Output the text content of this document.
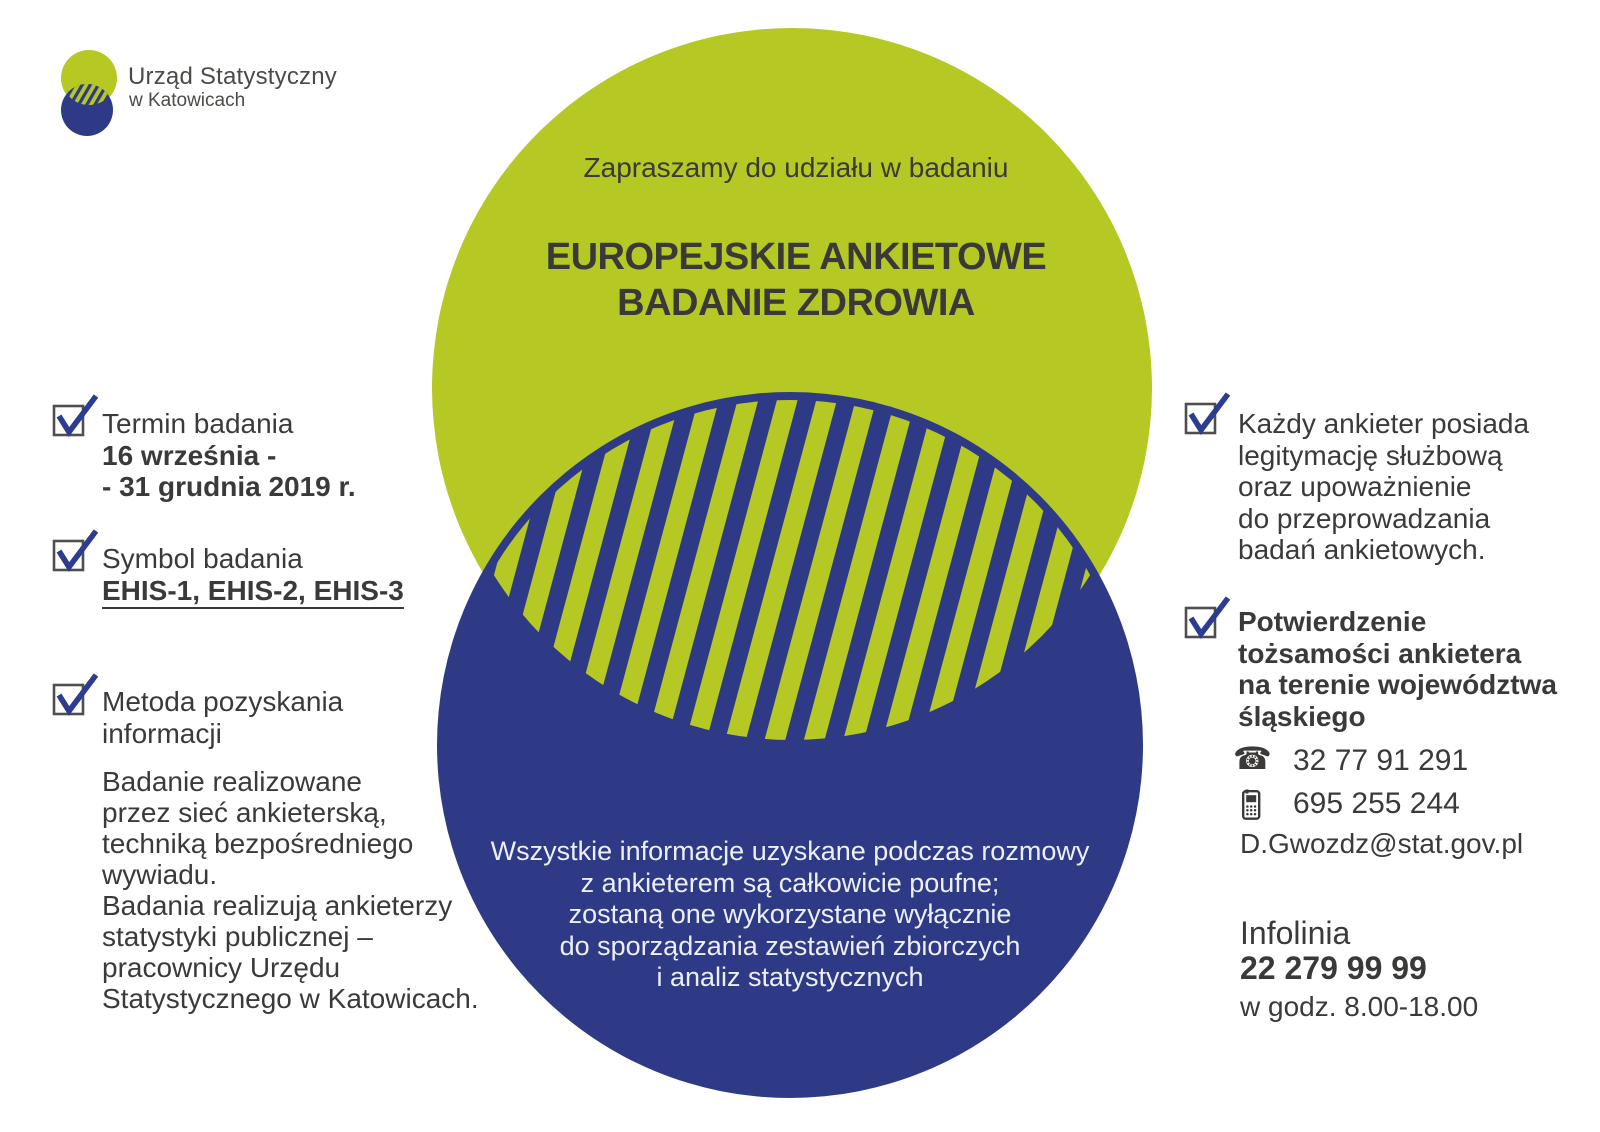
Urząd Statystyczny
w Katowicach
Zapraszamy do udziału w badaniu
EUROPEJSKIE ANKIETOWE
BADANIE ZDROWIA
Wszystkie informacje uzyskane podczas rozmowy
z ankieterem są całkowicie poufne;
zostaną one wykorzystane wyłącznie
do sporządzania zestawień zbiorczych
i analiz statystycznych
Termin badania
16 września -
- 31 grudnia 2019 r.
Symbol badania
EHIS-1, EHIS-2, EHIS-3
Metoda pozyskania
informacji
Badanie realizowane
przez sieć ankieterską,
techniką bezpośredniego
wywiadu.
Badania realizują ankieterzy
statystyki publicznej –
pracownicy Urzędu
Statystycznego w Katowicach.
Każdy ankieter posiada
legitymację służbową
oraz upoważnienie
do przeprowadzania
badań ankietowych.
Potwierdzenie
tożsamości ankietera
na terenie województwa
śląskiego
☎ 32 77 91 291
695 255 244
D.Gwozdz@stat.gov.pl
Infolinia
22 279 99 99
w godz. 8.00-18.00
